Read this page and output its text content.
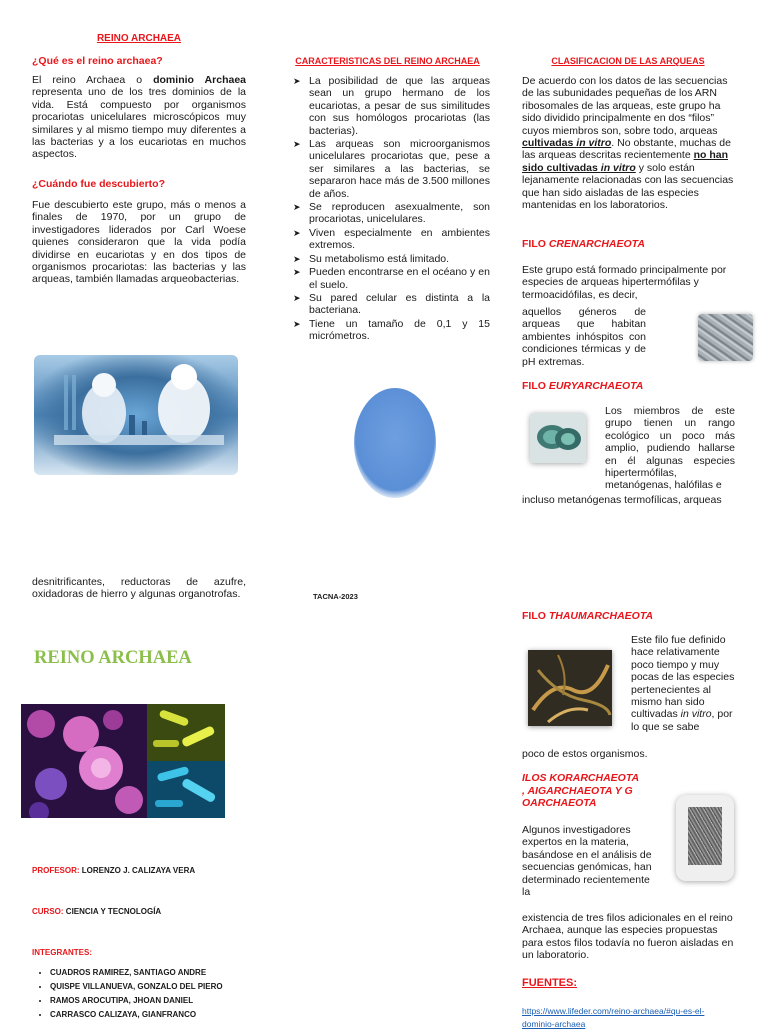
REINO ARCHAEA
¿Qué es el reino archaea?
El reino Archaea o dominio Archaea representa uno de los tres dominios de la vida. Está compuesto por organismos procariotas unicelulares microscópicos muy similares y al mismo tiempo muy diferentes a las bacterias y a los eucariotas en muchos aspectos.
¿Cuándo fue descubierto?
Fue descubierto este grupo, más o menos a finales de 1970, por un grupo de investigadores liderados por Carl Woese quienes consideraron que la vida podía dividirse en eucariotas y en dos tipos de organismos procariotas: las bacterias y las arqueas, también llamadas arqueobacterias.
desnitrificantes, reductoras de azufre, oxidadoras de hierro y algunas organotrofas.
CARACTERISTICAS DEL REINO ARCHAEA
➤ La posibilidad de que las arqueas sean un grupo hermano de los eucariotas, a pesar de sus similitudes con sus homólogos procariotas (las bacterias).
➤ Las arqueas son microorganismos unicelulares procariotas que, pese a ser similares a las bacterias, se separaron hace más de 3.500 millones de años.
➤ Se reproducen asexualmente, son procariotas, unicelulares.
➤ Viven especialmente en ambientes extremos.
➤ Su metabolismo está limitado.
➤ Pueden encontrarse en el océano y en el suelo.
➤ Su pared celular es distinta a la bacteriana.
➤ Tiene un tamaño de 0,1 y 15 micrómetros.
TACNA-2023
CLASIFICACION DE LAS ARQUEAS
De acuerdo con los datos de las secuencias de las subunidades pequeñas de los ARN ribosomales de las arqueas, este grupo ha sido dividido principalmente en dos “filos” cuyos miembros son, sobre todo, arqueas cultivadas in vitro. No obstante, muchas de las arqueas descritas recientemente no han sido cultivadas in vitro y solo están lejanamente relacionadas con las secuencias que han sido aisladas de las especies mantenidas en los laboratorios.
FILO CRENARCHAEOTA
Este grupo está formado principalmente por especies de arqueas hipertermófilas y termoacidófilas, es decir,
aquellos géneros de arqueas que habitan ambientes inhóspitos con condiciones térmicas y de pH extremas.
FILO EURYARCHAEOTA
Los miembros de este grupo tienen un rango ecológico un poco más amplio, pudiendo hallarse en él algunas especies hipertermófilas, metanógenas, halófilas e
incluso metanógenas termofílicas, arqueas
FILO THAUMARCHAEOTA
Este filo fue definido hace relativamente poco tiempo y muy pocas de las especies pertenecientes al mismo han sido cultivadas in vitro, por lo que se sabe
poco de estos organismos.
ILOS KORARCHAEOTA
, AIGARCHAEOTA Y G
OARCHAEOTA
Algunos investigadores expertos en la materia, basándose en el análisis de secuencias genómicas, han determinado recientemente la
existencia de tres filos adicionales en el reino Archaea, aunque las especies propuestas para estos filos todavía no fueron aisladas en un laboratorio.
FUENTES:
https://www.lifeder.com/reino-archaea/#qu-es-el-
dominio-archaea
REINO ARCHAEA
PROFESOR: LORENZO J. CALIZAYA VERA
CURSO: CIENCIA Y TECNOLOGÍA
INTEGRANTES:
• CUADROS RAMIREZ, SANTIAGO ANDRE
• QUISPE VILLANUEVA, GONZALO DEL PIERO
• RAMOS AROCUTIPA, JHOAN DANIEL
• CARRASCO CALIZAYA, GIANFRANCO
